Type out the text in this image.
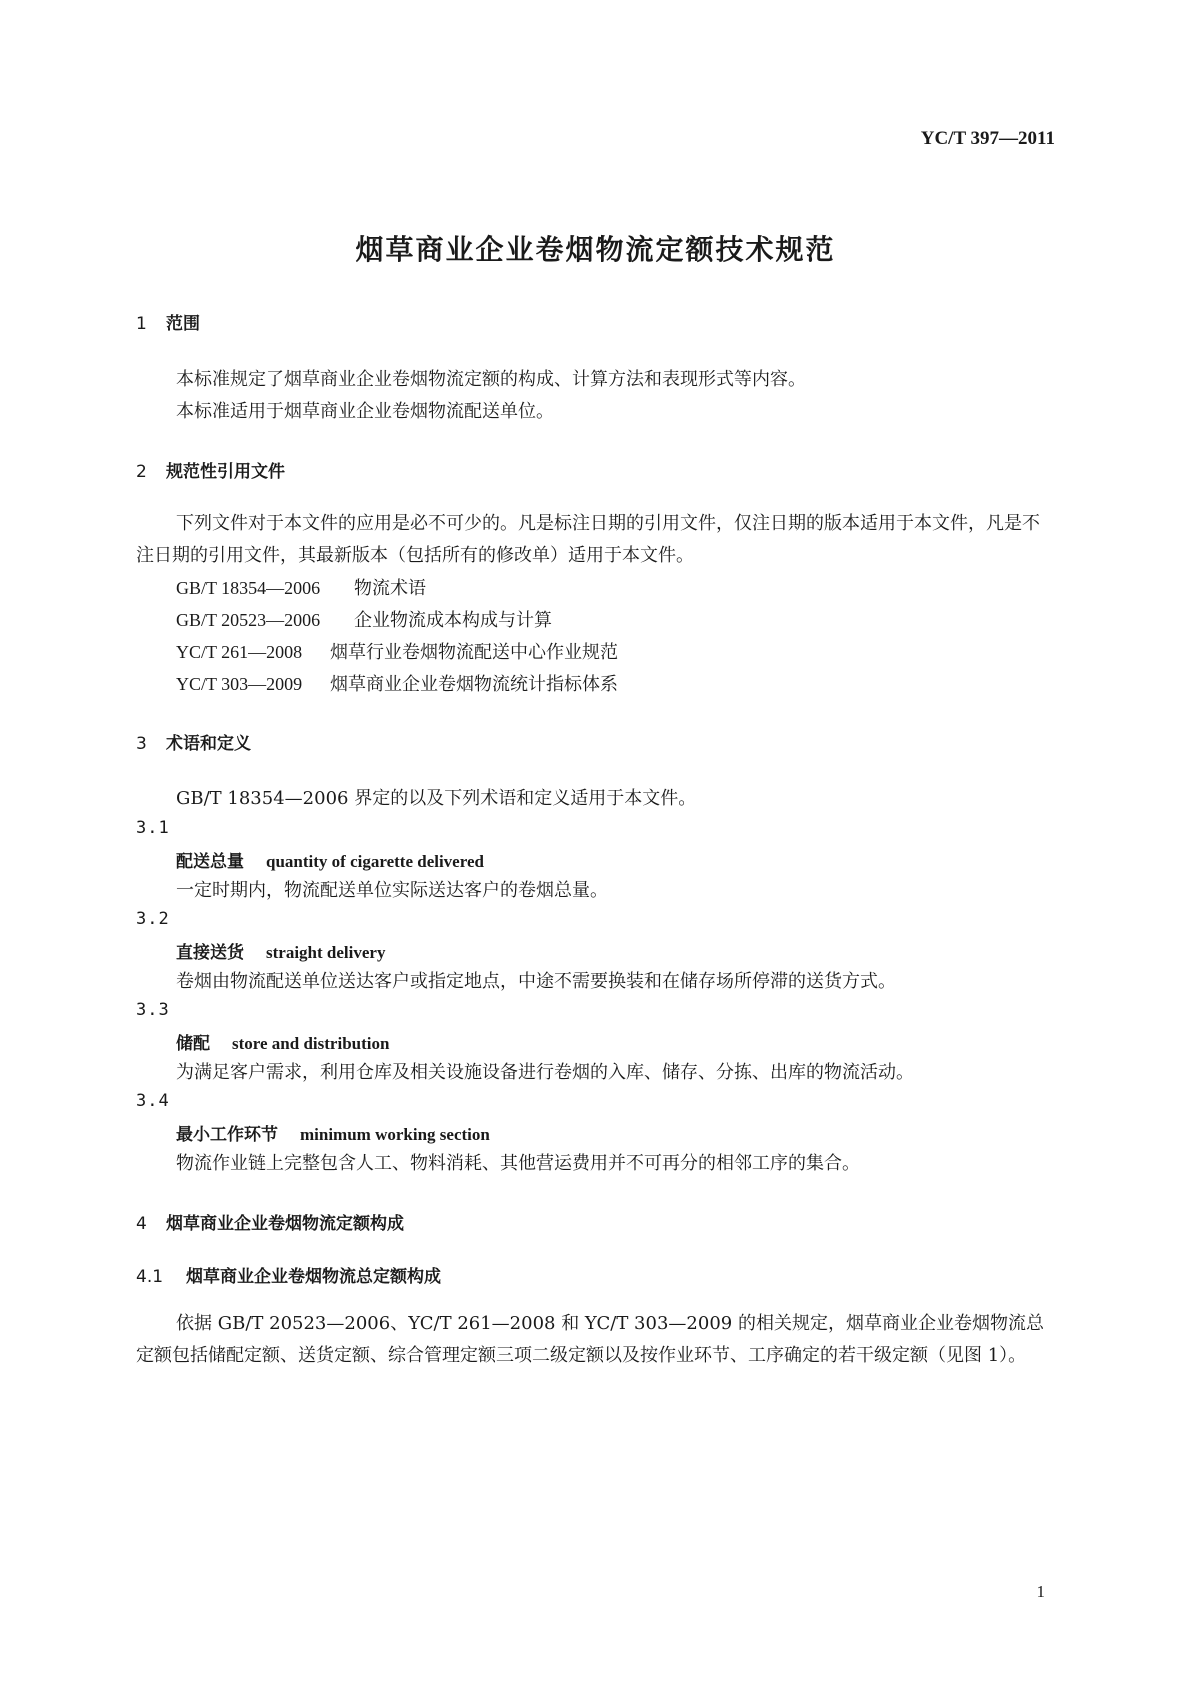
YC/T 397—2011
烟草商业企业卷烟物流定额技术规范
1 范围
本标准规定了烟草商业企业卷烟物流定额的构成、计算方法和表现形式等内容。
本标准适用于烟草商业企业卷烟物流配送单位。
2 规范性引用文件
下列文件对于本文件的应用是必不可少的。凡是标注日期的引用文件，仅注日期的版本适用于本文件，凡是不注日期的引用文件，其最新版本（包括所有的修改单）适用于本文件。
GB/T 18354—2006 物流术语
GB/T 20523—2006 企业物流成本构成与计算
YC/T 261—2008 烟草行业卷烟物流配送中心作业规范
YC/T 303—2009 烟草商业企业卷烟物流统计指标体系
3 术语和定义
GB/T 18354—2006 界定的以及下列术语和定义适用于本文件。
3.1
配送总量 quantity of cigarette delivered
一定时期内，物流配送单位实际送达客户的卷烟总量。
3.2
直接送货 straight delivery
卷烟由物流配送单位送达客户或指定地点，中途不需要换装和在储存场所停滞的送货方式。
3.3
储配 store and distribution
为满足客户需求，利用仓库及相关设施设备进行卷烟的入库、储存、分拣、出库的物流活动。
3.4
最小工作环节 minimum working section
物流作业链上完整包含人工、物料消耗、其他营运费用并不可再分的相邻工序的集合。
4 烟草商业企业卷烟物流定额构成
4.1 烟草商业企业卷烟物流总定额构成
依据 GB/T 20523—2006、YC/T 261—2008 和 YC/T 303—2009 的相关规定，烟草商业企业卷烟物流总定额包括储配定额、送货定额、综合管理定额三项二级定额以及按作业环节、工序确定的若干级定额（见图 1）。
1
